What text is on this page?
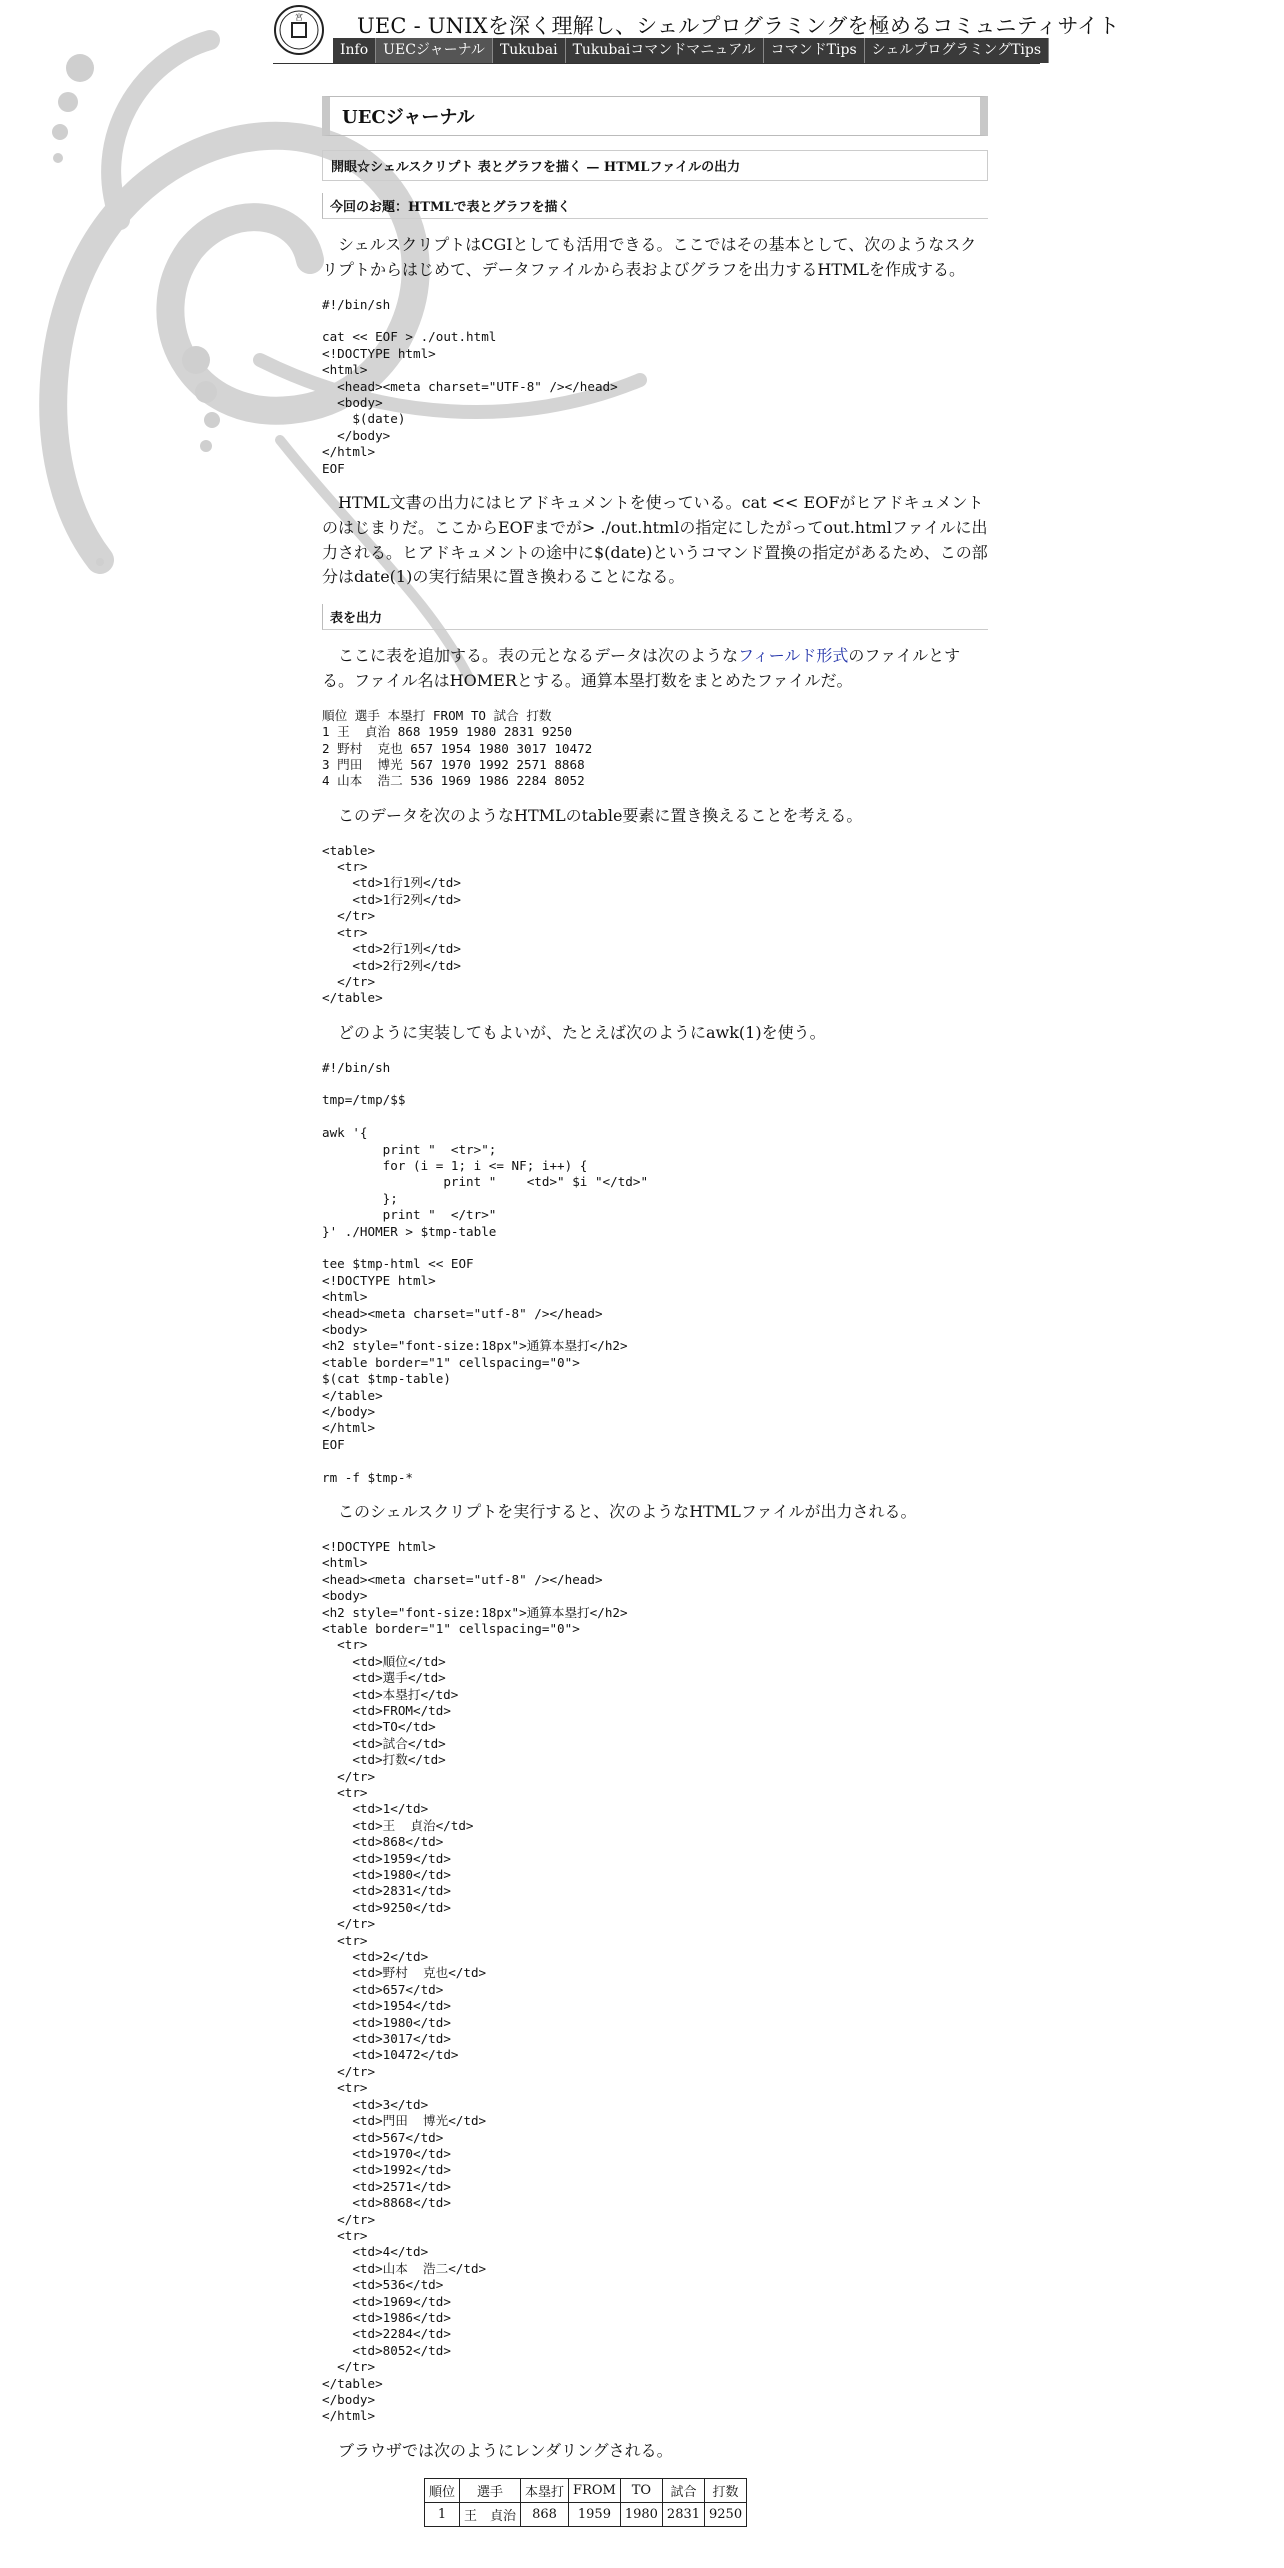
宮	UEC - UNIXを深く理解し、シェルプログラミングを極めるコミュニティサイト
Info	UECジャーナル	Tukubai	Tukubaiコマンドマニュアル	コマンドTips	シェルプログラミングTips
UECジャーナル
開眼☆シェルスクリプト 表とグラフを描く — HTMLファイルの出力
今回のお題：HTMLで表とグラフを描く

シェルスクリプトはCGIとしても活用できる。ここではその基本として、次のようなスクリプトからはじめて、データファイルから表およびグラフを出力するHTMLを作成する。

#!/bin/sh

cat << EOF > ./out.html
<!DOCTYPE html>
<html>
<head><meta charset="UTF-8" /></head>
<body>
$(date)
</body>
</html>
EOF

HTML文書の出力にはヒアドキュメントを使っている。cat << EOFがヒアドキュメントのはじまりだ。ここからEOFまでが> ./out.htmlの指定にしたがってout.htmlファイルに出力される。ヒアドキュメントの途中に$(date)というコマンド置換の指定があるため、この部分はdate(1)の実行結果に置き換わることになる。

表を出力

ここに表を追加する。表の元となるデータは次のようなフィールド形式のファイルとする。ファイル名はHOMERとする。通算本塁打数をまとめたファイルだ。

順位 選手 本塁打 FROM TO 試合 打数
1 王  貞治 868 1959 1980 2831 9250
2 野村  克也 657 1954 1980 3017 10472
3 門田  博光 567 1970 1992 2571 8868
4 山本  浩二 536 1969 1986 2284 8052

このデータを次のようなHTMLのtable要素に置き換えることを考える。

<table>
<tr>
<td>1行1列</td>
<td>1行2列</td>
</tr>
<tr>
<td>2行1列</td>
<td>2行2列</td>
</tr>
</table>

どのように実装してもよいが、たとえば次のようにawk(1)を使う。

#!/bin/sh

tmp=/tmp/$$

awk '{
print "  <tr>";
for (i = 1; i <= NF; i++) {
print "    <td>" $i "</td>"
};
print "  </tr>"
}' ./HOMER > $tmp-table

tee $tmp-html << EOF
<!DOCTYPE html>
<html>
<head><meta charset="utf-8" /></head>
<body>
<h2 style="font-size:18px">通算本塁打</h2>
<table border="1" cellspacing="0">
$(cat $tmp-table)
</table>
</body>
</html>
EOF

rm -f $tmp-*

このシェルスクリプトを実行すると、次のようなHTMLファイルが出力される。

<!DOCTYPE html>
<html>
<head><meta charset="utf-8" /></head>
<body>
<h2 style="font-size:18px">通算本塁打</h2>
<table border="1" cellspacing="0">
<tr>
<td>順位</td>
<td>選手</td>
<td>本塁打</td>
<td>FROM</td>
<td>TO</td>
<td>試合</td>
<td>打数</td>
</tr>
<tr>
<td>1</td>
<td>王  貞治</td>
<td>868</td>
<td>1959</td>
<td>1980</td>
<td>2831</td>
<td>9250</td>
</tr>
<tr>
<td>2</td>
<td>野村  克也</td>
<td>657</td>
<td>1954</td>
<td>1980</td>
<td>3017</td>
<td>10472</td>
</tr>
<tr>
<td>3</td>
<td>門田  博光</td>
<td>567</td>
<td>1970</td>
<td>1992</td>
<td>2571</td>
<td>8868</td>
</tr>
<tr>
<td>4</td>
<td>山本  浩二</td>
<td>536</td>
<td>1969</td>
<td>1986</td>
<td>2284</td>
<td>8052</td>
</tr>
</table>
</body>
</html>

ブラウザでは次のようにレンダリングされる。

順位	選手	本塁打	FROM	TO	試合	打数
1	王　貞治	868	1959	1980	2831	9250
